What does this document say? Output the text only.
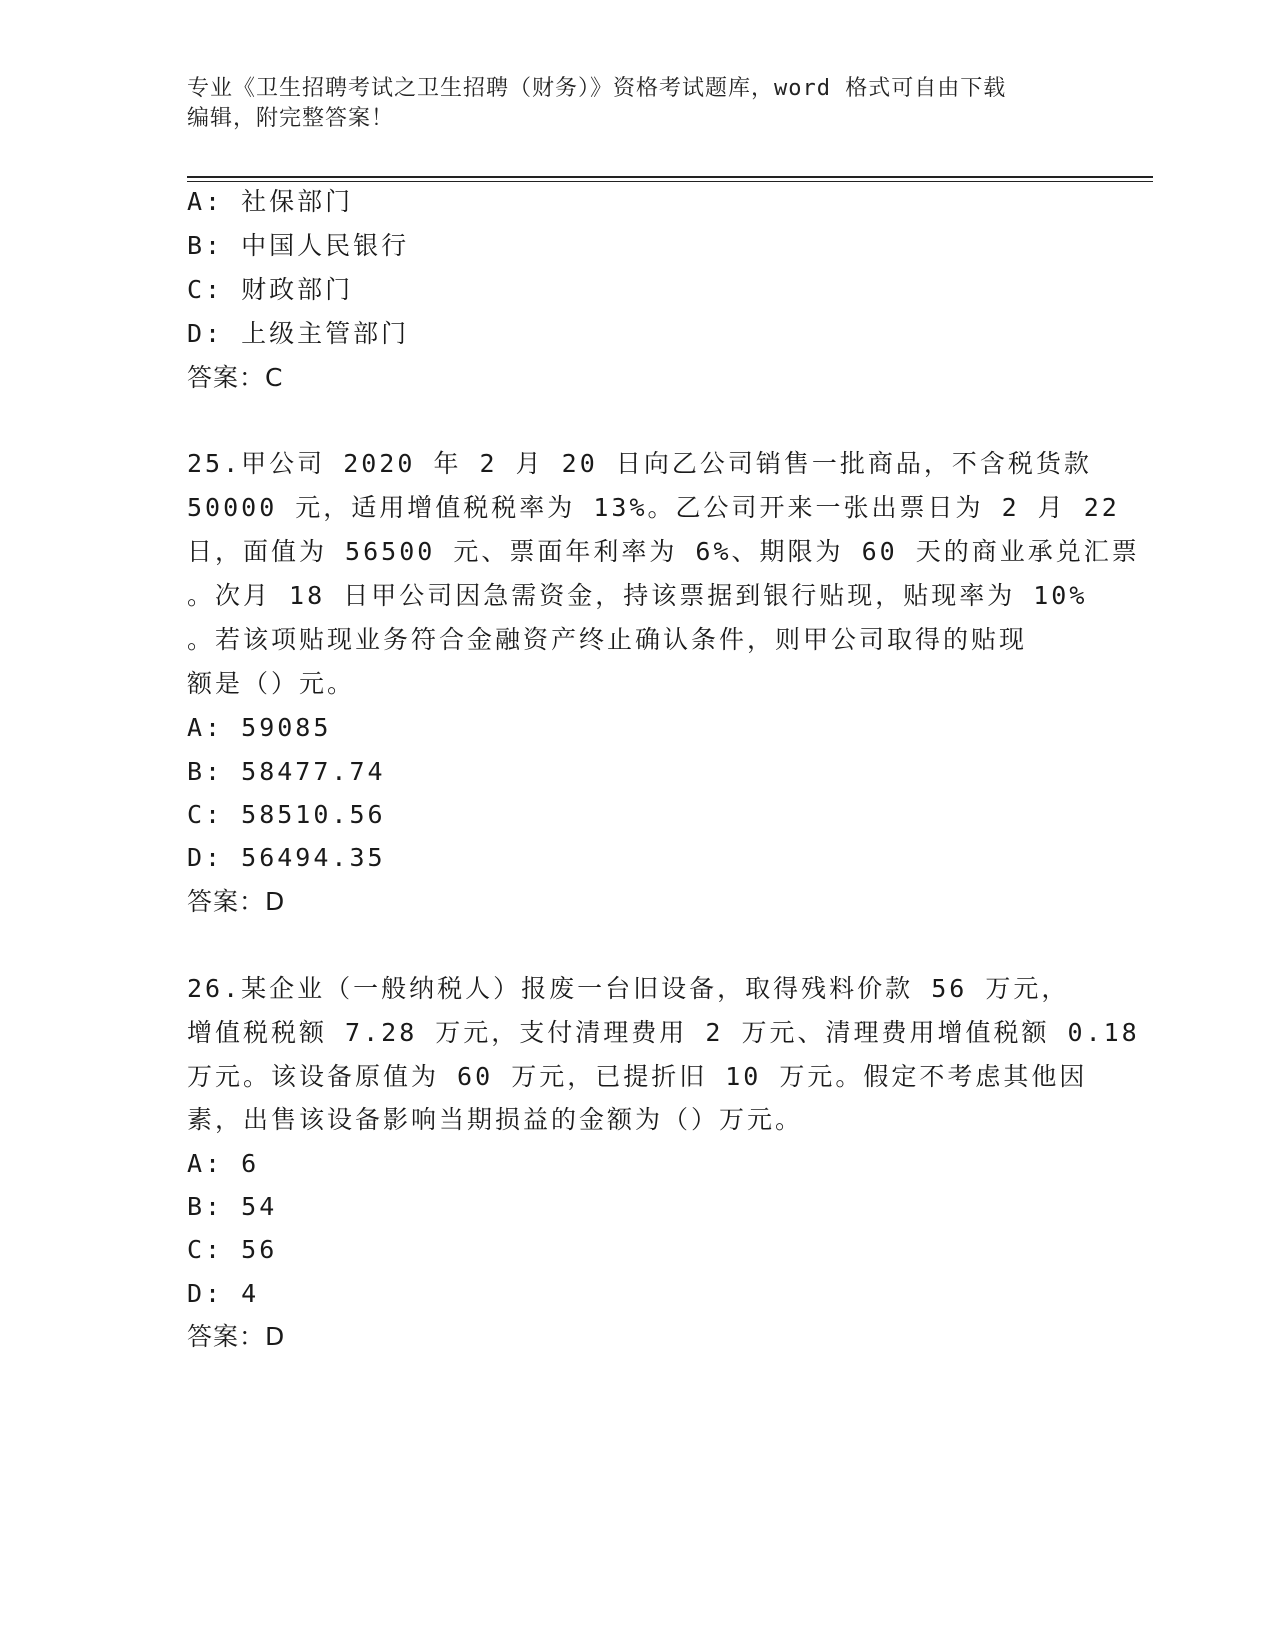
专业《卫生招聘考试之卫生招聘（财务）》资格考试题库，word 格式可自由下载
编辑，附完整答案！
A: 社保部门
B: 中国人民银行
C: 财政部门
D: 上级主管部门
答案：C
25.甲公司 2020 年 2 月 20 日向乙公司销售一批商品，不含税货款
50000 元，适用增值税税率为 13%。乙公司开来一张出票日为 2 月 22
日，面值为 56500 元、票面年利率为 6%、期限为 60 天的商业承兑汇票
。次月 18 日甲公司因急需资金，持该票据到银行贴现，贴现率为 10%
。若该项贴现业务符合金融资产终止确认条件，则甲公司取得的贴现
额是（）元。
A: 59085
B: 58477.74
C: 58510.56
D: 56494.35
答案：D
26.某企业（一般纳税人）报废一台旧设备，取得残料价款 56 万元，
增值税税额 7.28 万元，支付清理费用 2 万元、清理费用增值税额 0.18
万元。该设备原值为 60 万元，已提折旧 10 万元。假定不考虑其他因
素，出售该设备影响当期损益的金额为（）万元。
A: 6
B: 54
C: 56
D: 4
答案：D
